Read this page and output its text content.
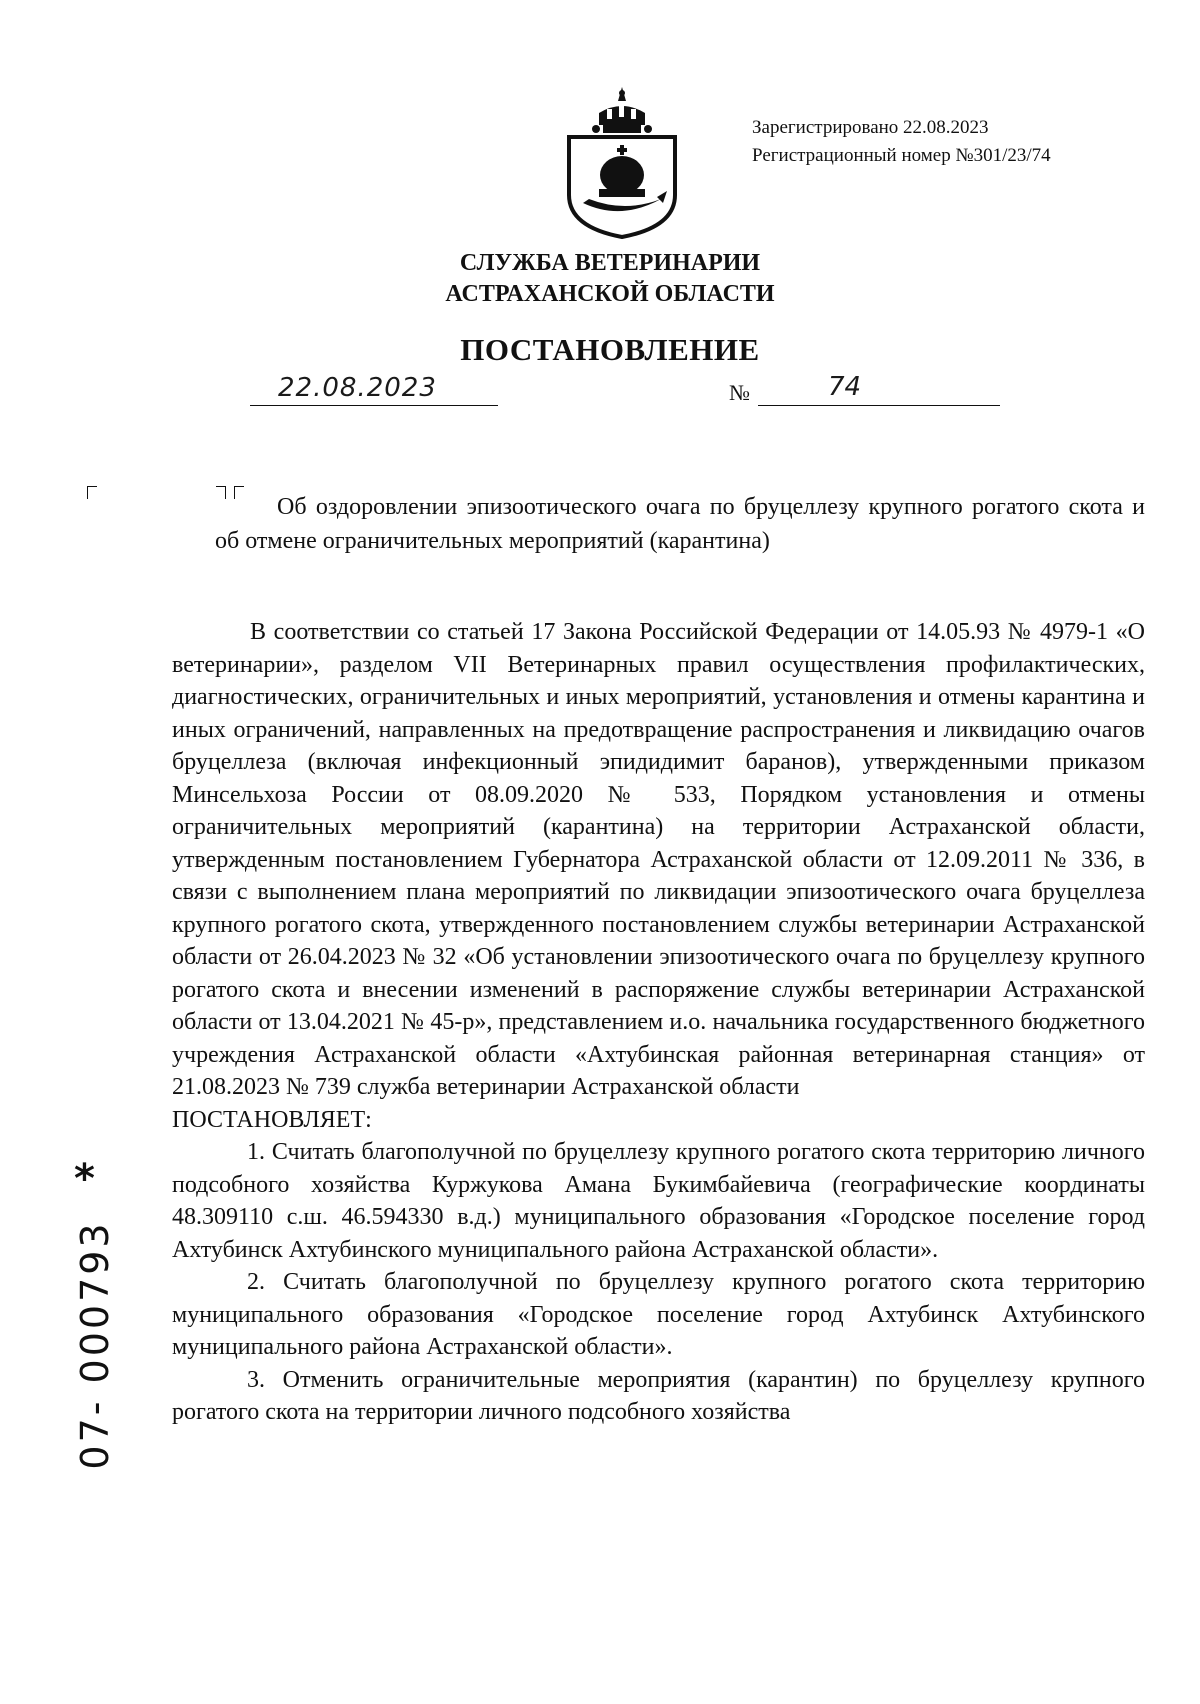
Зарегистрировано 22.08.2023
Регистрационный номер №301/23/74
СЛУЖБА ВЕТЕРИНАРИИ
АСТРАХАНСКОЙ ОБЛАСТИ
ПОСТАНОВЛЕНИЕ
22.08.2023	№	74
Об оздоровлении эпизоотического очага по бруцеллезу крупного рогатого скота и об отмене ограничительных мероприятий (карантина)

В соответствии со статьей 17 Закона Российской Федерации от 14.05.93 № 4979-1 «О ветеринарии», разделом VII Ветеринарных правил осуществления профилактических, диагностических, ограничительных и иных мероприятий, установления и отмены карантина и иных ограничений, направленных на предотвращение распространения и ликвидацию очагов бруцеллеза (включая инфекционный эпидидимит баранов), утвержденными приказом Минсельхоза России от 08.09.2020 № 533, Порядком установления и отмены ограничительных мероприятий (карантина) на территории Астраханской области, утвержденным постановлением Губернатора Астраханской области от 12.09.2011 № 336, в связи с выполнением плана мероприятий по ликвидации эпизоотического очага бруцеллеза крупного рогатого скота, утвержденного постановлением службы ветеринарии Астраханской области от 26.04.2023 № 32 «Об установлении эпизоотического очага по бруцеллезу крупного рогатого скота и внесении изменений в распоряжение службы ветеринарии Астраханской области от 13.04.2021 № 45-р», представлением и.о. начальника государственного бюджетного учреждения Астраханской области «Ахтубинская районная ветеринарная станция» от 21.08.2023 № 739 служба ветеринарии Астраханской области

ПОСТАНОВЛЯЕТ:

1. Считать благополучной по бруцеллезу крупного рогатого скота территорию личного подсобного хозяйства Куржукова Амана Букимбайевича (географические координаты 48.309110 с.ш. 46.594330 в.д.) муниципального образования «Городское поселение город Ахтубинск Ахтубинского муниципального района Астраханской области».

2. Считать благополучной по бруцеллезу крупного рогатого скота территорию муниципального образования «Городское поселение город Ахтубинск Ахтубинского муниципального района Астраханской области».

3. Отменить ограничительные мероприятия (карантин) по бруцеллезу крупного рогатого скота на территории личного подсобного хозяйства

*
07- 000793
